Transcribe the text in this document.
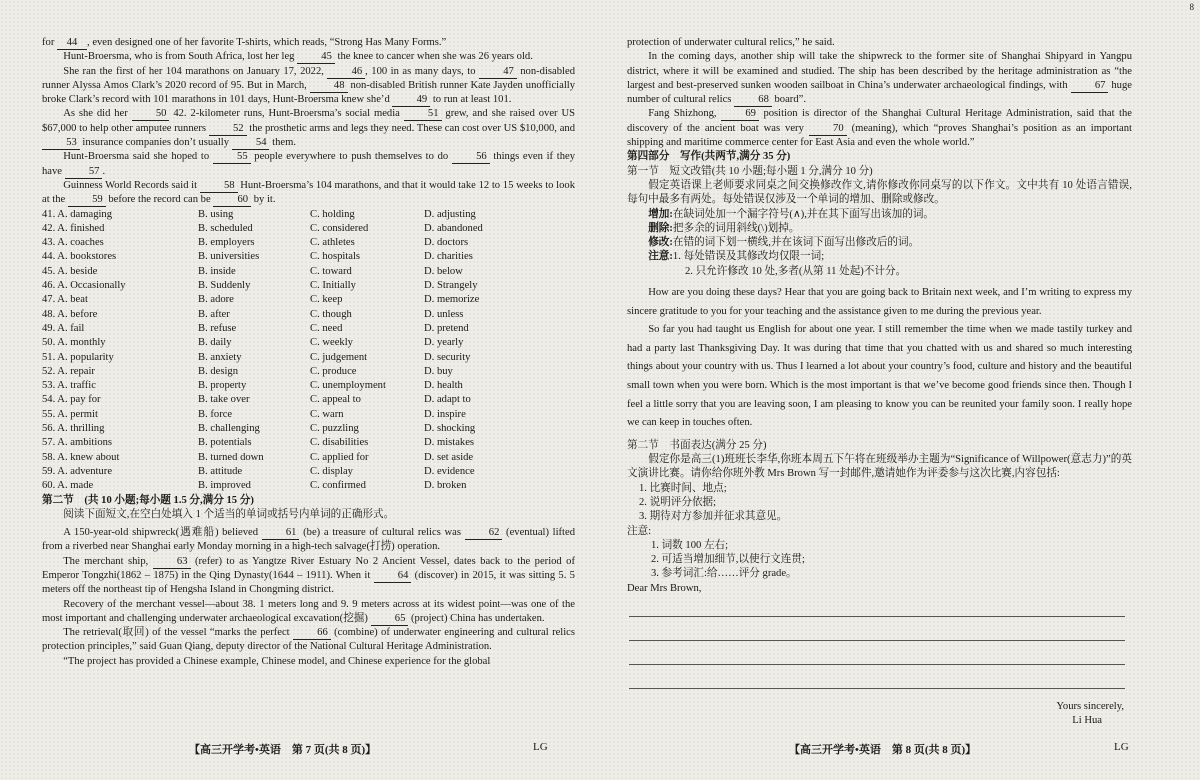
8

for 44 , even designed one of her favorite T-shirts, which reads, “Strong Has Many Forms.”

Hunt-Broersma, who is from South Africa, lost her leg 45 the knee to cancer when she was 26 years old.

She ran the first of her 104 marathons on January 17, 2022, 46 , 100 in as many days, to 47 non-disabled runner Alyssa Amos Clark’s 2020 record of 95. But in March, 48 non-disabled British runner Kate Jayden unofficially broke Clark’s record with 101 marathons in 101 days, Hunt-Broersma knew she’d 49 to run at least 101.

As she did her 50 42. 2-kilometer runs, Hunt-Broersma’s social media 51 grew, and she raised over US $67,000 to help other amputee runners 52 the prosthetic arms and legs they need. These can cost over US $10,000, and 53 insurance companies don’t usually 54 them.

Hunt-Broersma said she hoped to 55 people everywhere to push themselves to do 56 things even if they have 57 .

Guinness World Records said it 58 Hunt-Broersma’s 104 marathons, and that it would take 12 to 15 weeks to look at the 59 before the record can be 60 by it.

41. A. damaging	B. using	C. holding	D. adjusting
42. A. finished	B. scheduled	C. considered	D. abandoned
43. A. coaches	B. employers	C. athletes	D. doctors
44. A. bookstores	B. universities	C. hospitals	D. charities
45. A. beside	B. inside	C. toward	D. below
46. A. Occasionally	B. Suddenly	C. Initially	D. Strangely
47. A. beat	B. adore	C. keep	D. memorize
48. A. before	B. after	C. though	D. unless
49. A. fail	B. refuse	C. need	D. pretend
50. A. monthly	B. daily	C. weekly	D. yearly
51. A. popularity	B. anxiety	C. judgement	D. security
52. A. repair	B. design	C. produce	D. buy
53. A. traffic	B. property	C. unemployment	D. health
54. A. pay for	B. take over	C. appeal to	D. adapt to
55. A. permit	B. force	C. warn	D. inspire
56. A. thrilling	B. challenging	C. puzzling	D. shocking
57. A. ambitions	B. potentials	C. disabilities	D. mistakes
58. A. knew about	B. turned down	C. applied for	D. set aside
59. A. adventure	B. attitude	C. display	D. evidence
60. A. made	B. improved	C. confirmed	D. broken

第二节　(共 10 小题;每小题 1.5 分,满分 15 分)

阅读下面短文,在空白处填入 1 个适当的单词或括号内单词的正确形式。

A 150-year-old shipwreck(遇难船) believed 61 (be) a treasure of cultural relics was 62 (eventual) lifted from a riverbed near Shanghai early Monday morning in a high-tech salvage(打捞) operation.

The merchant ship, 63 (refer) to as Yangtze River Estuary No 2 Ancient Vessel, dates back to the period of Emperor Tongzhi(1862 – 1875) in the Qing Dynasty(1644 – 1911). When it 64 (discover) in 2015, it was sitting 5. 5 meters off the northeast tip of Hengsha Island in Chongming district.

Recovery of the merchant vessel—about 38. 1 meters long and 9. 9 meters across at its widest point—was one of the most important and challenging underwater archaeological excavation(挖掘) 65 (project) China has undertaken.

The retrieval(取回) of the vessel “marks the perfect 66 (combine) of underwater engineering and cultural relics protection principles,” said Guan Qiang, deputy director of the National Cultural Heritage Administration.

“The project has provided a Chinese example, Chinese model, and Chinese experience for the global

【高三开学考•英语　第 7 页(共 8 页)】	LG

protection of underwater cultural relics,” he said.

In the coming days, another ship will take the shipwreck to the former site of Shanghai Shipyard in Yangpu district, where it will be examined and studied. The ship has been described by the heritage administration as “the largest and best-preserved sunken wooden sailboat in China’s underwater archaeological findings, with 67 huge number of cultural relics 68 board”.

Fang Shizhong, 69 position is director of the Shanghai Cultural Heritage Administration, said that the discovery of the ancient boat was very 70 (meaning), which “proves Shanghai’s position as an important shipping and maritime commerce center for East Asia and even the whole world.”

第四部分　写作(共两节,满分 35 分)

第一节　短文改错(共 10 小题;每小题 1 分,满分 10 分)

假定英语课上老师要求同桌之间交换修改作文,请你修改你同桌写的以下作文。文中共有 10 处语言错误,每句中最多有两处。每处错误仅涉及一个单词的增加、删除或修改。

增加:在缺词处加一个漏字符号(∧),并在其下面写出该加的词。

删除:把多余的词用斜线(\)划掉。

修改:在错的词下划一横线,并在该词下面写出修改后的词。

注意:1. 每处错误及其修改均仅限一词;

2. 只允许修改 10 处,多者(从第 11 处起)不计分。

How are you doing these days? Hear that you are going back to Britain next week, and I’m writing to express my sincere gratitude to you for your teaching and the assistance given to me during the previous year.

So far you had taught us English for about one year. I still remember the time when we made tastily turkey and had a party last Thanksgiving Day. It was during that time that you chatted with us and shared so much interesting things about your country with us. Thus I learned a lot about your country’s food, culture and history and the beautiful small town when you were born. Which is the most important is that we’ve become good friends since then. Though I feel a little sorry that you are leaving soon, I am pleasing to know you can be reunited your family soon. I really hope we can keep in touches often.

第二节　书面表达(满分 25 分)

假定你是高三(1)班班长李华,你班本周五下午将在班级举办主题为“Significance of Willpower(意志力)”的英文演讲比赛。请你给你班外教 Mrs Brown 写一封邮件,邀请她作为评委参与这次比赛,内容包括:

1. 比赛时间、地点;

2. 说明评分依据;

3. 期待对方参加并征求其意见。

注意:

1. 词数 100 左右;

2. 可适当增加细节,以使行文连贯;

3. 参考词汇:给……评分 grade。

Dear Mrs Brown,

Yours sincerely,

Li Hua

【高三开学考•英语　第 8 页(共 8 页)】	LG
